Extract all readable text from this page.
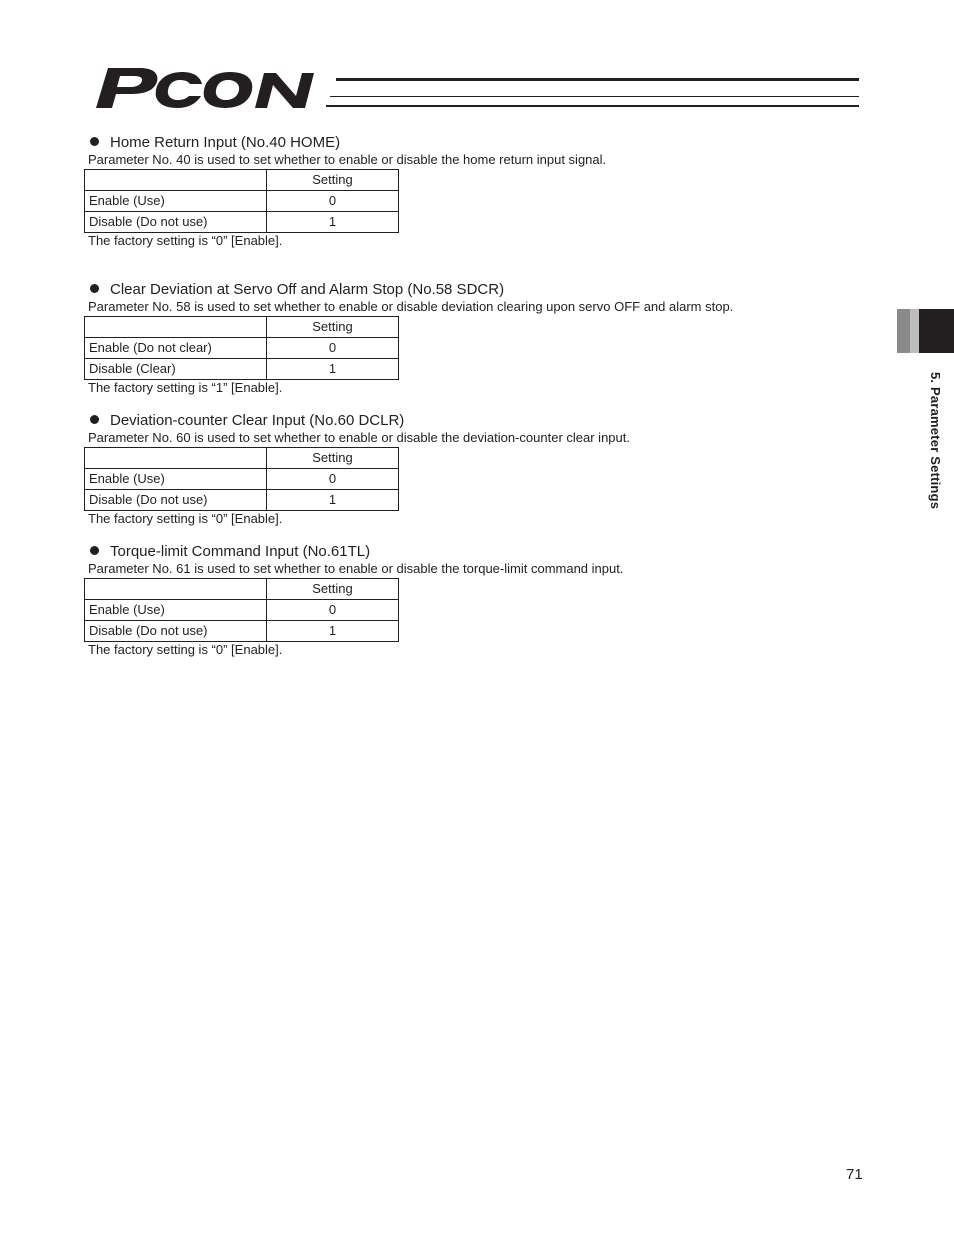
5. Parameter Settings
Home Return Input (No.40 HOME)
Parameter No. 40 is used to set whether to enable or disable the home return input signal.
	Setting
Enable (Use)	0
Disable (Do not use)	1
The factory setting is “0” [Enable].
Clear Deviation at Servo Off and Alarm Stop (No.58 SDCR)
Parameter No. 58 is used to set whether to enable or disable deviation clearing upon servo OFF and alarm stop.
	Setting
Enable (Do not clear)	0
Disable (Clear)	1
The factory setting is “1” [Enable].
Deviation-counter Clear Input (No.60 DCLR)
Parameter No. 60 is used to set whether to enable or disable the deviation-counter clear input.
	Setting
Enable (Use)	0
Disable (Do not use)	1
The factory setting is “0” [Enable].
Torque-limit Command Input (No.61TL)
Parameter No. 61 is used to set whether to enable or disable the torque-limit command input.
	Setting
Enable (Use)	0
Disable (Do not use)	1
The factory setting is “0” [Enable].
71
